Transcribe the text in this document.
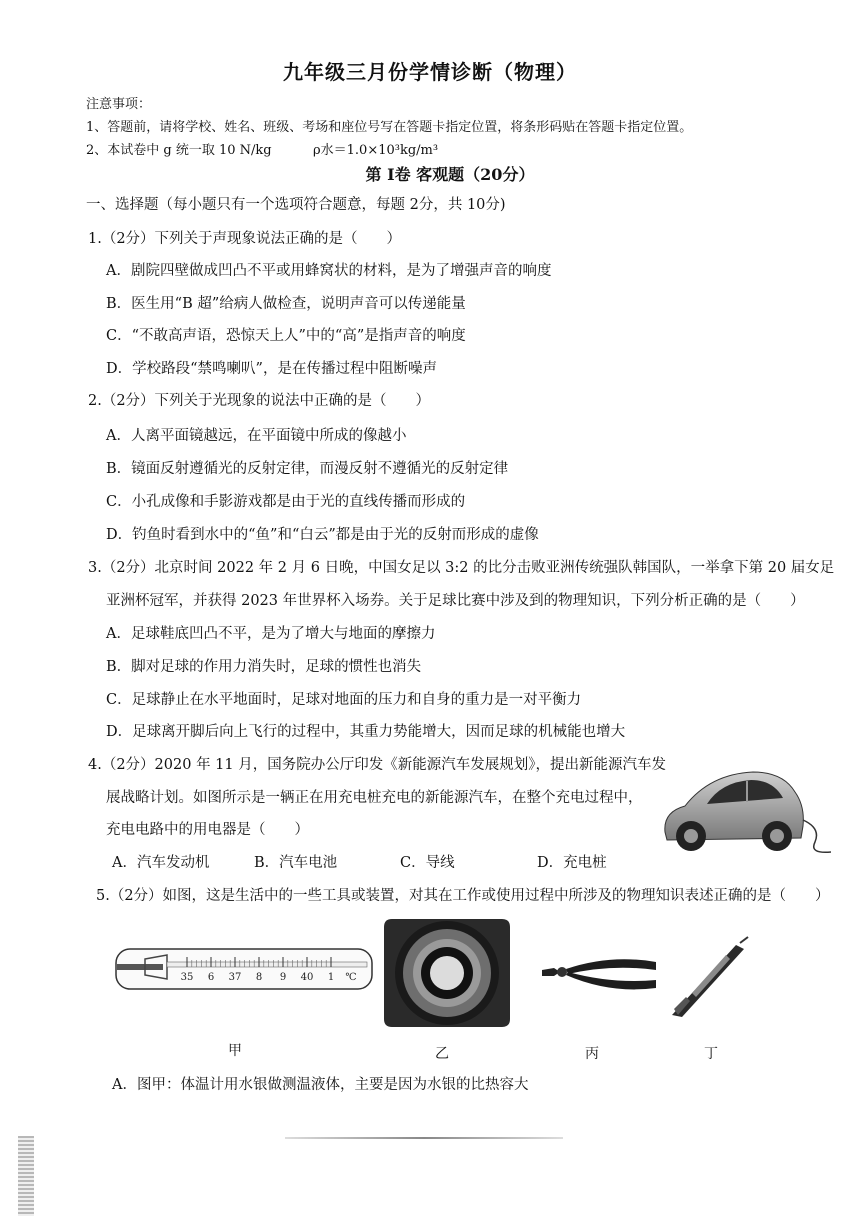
九年级三月份学情诊断（物理）
注意事项：
1、答题前，请将学校、姓名、班级、考场和座位号写在答题卡指定位置，将条形码贴在答题卡指定位置。
2、本试卷中 g 统一取 10 N/kg	ρ水＝1.0×10³kg/m³
第 I卷 客观题（20分）
一、选择题（每小题只有一个选项符合题意，每题 2分，共 10分)
1.（2分）下列关于声现象说法正确的是（　　）
A．剧院四壁做成凹凸不平或用蜂窝状的材料，是为了增强声音的响度
B．医生用“B 超”给病人做检查，说明声音可以传递能量
C．“不敢高声语，恐惊天上人”中的“高”是指声音的响度
D．学校路段“禁鸣喇叭”，是在传播过程中阻断噪声
2.（2分）下列关于光现象的说法中正确的是（　　）
A．人离平面镜越远，在平面镜中所成的像越小
B．镜面反射遵循光的反射定律，而漫反射不遵循光的反射定律
C．小孔成像和手影游戏都是由于光的直线传播而形成的
D．钓鱼时看到水中的“鱼”和“白云”都是由于光的反射而形成的虚像
3.（2分）北京时间 2022 年 2 月 6 日晚，中国女足以 3:2 的比分击败亚洲传统强队韩国队，一举拿下第 20 届女足
亚洲杯冠军，并获得 2023 年世界杯入场券。关于足球比赛中涉及到的物理知识，下列分析正确的是（　　）
A．足球鞋底凹凸不平，是为了增大与地面的摩擦力
B．脚对足球的作用力消失时，足球的惯性也消失
C．足球静止在水平地面时，足球对地面的压力和自身的重力是一对平衡力
D．足球离开脚后向上飞行的过程中，其重力势能增大，因而足球的机械能也增大
4.（2分）2020 年 11 月，国务院办公厅印发《新能源汽车发展规划》，提出新能源汽车发
展战略计划。如图所示是一辆正在用充电桩充电的新能源汽车，在整个充电过程中，
充电电路中的用电器是（　　）
A．汽车发动机	B．汽车电池	C．导线	D．充电桩
5.（2分）如图，这是生活中的一些工具或装置，对其在工作或使用过程中所涉及的物理知识表述正确的是（　　）
35 6 37 8 9 40 1 ℃
甲	乙	丙	丁
A．图甲：体温计用水银做测温液体，主要是因为水银的比热容大
